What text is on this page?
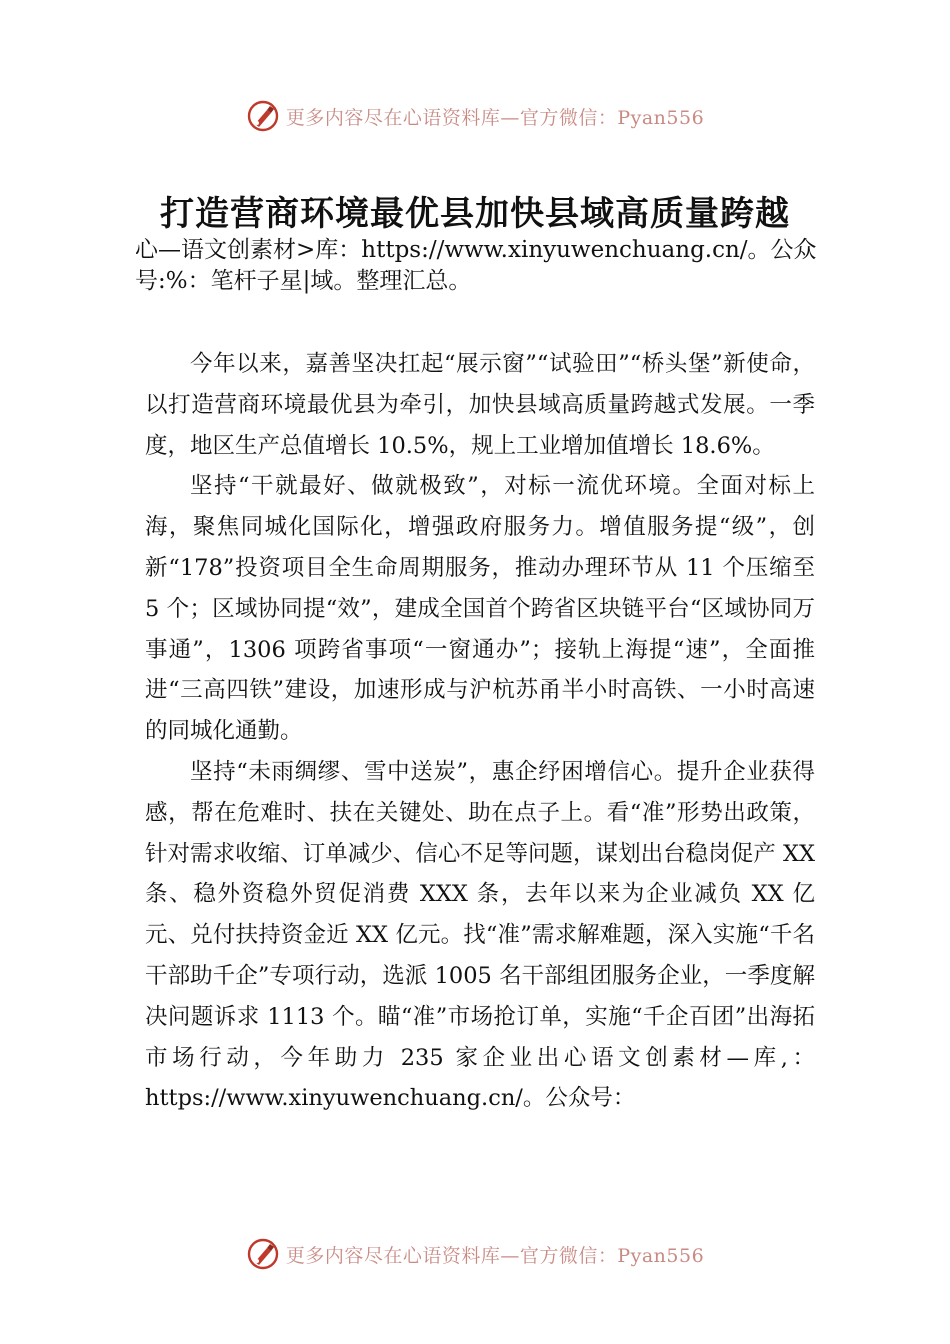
更多内容尽在心语资料库—官方微信：Pyan556
打造营商环境最优县加快县域高质量跨越
心—语文创素材>库：https://www.xinyuwenchuang.cn/。公众号:%：笔杆子星|域。整理汇总。

今年以来，嘉善坚决扛起“展示窗”“试验田”“桥头堡”新使命，以打造营商环境最优县为牵引，加快县域高质量跨越式发展。一季度，地区生产总值增长 10.5%，规上工业增加值增长 18.6%。

坚持“干就最好、做就极致”，对标一流优环境。全面对标上海，聚焦同城化国际化，增强政府服务力。增值服务提“级”，创新“178”投资项目全生命周期服务，推动办理环节从 11 个压缩至 5 个；区域协同提“效”，建成全国首个跨省区块链平台“区域协同万事通”，1306 项跨省事项“一窗通办”；接轨上海提“速”，全面推进“三高四铁”建设，加速形成与沪杭苏甬半小时高铁、一小时高速的同城化通勤。

坚持“未雨绸缪、雪中送炭”，惠企纾困增信心。提升企业获得感，帮在危难时、扶在关键处、助在点子上。看“准”形势出政策，针对需求收缩、订单减少、信心不足等问题，谋划出台稳岗促产 XX 条、稳外资稳外贸促消费 XXX 条，去年以来为企业减负 XX 亿元、兑付扶持资金近 XX 亿元。找“准”需求解难题，深入实施“千名干部助千企”专项行动，选派 1005 名干部组团服务企业，一季度解决问题诉求 1113 个。瞄“准”市场抢订单，实施“千企百团”出海拓市场行动，今年助力 235 家企业出心语文创素材—库,：https://www.xinyuwenchuang.cn/。公众号：

更多内容尽在心语资料库—官方微信：Pyan556
